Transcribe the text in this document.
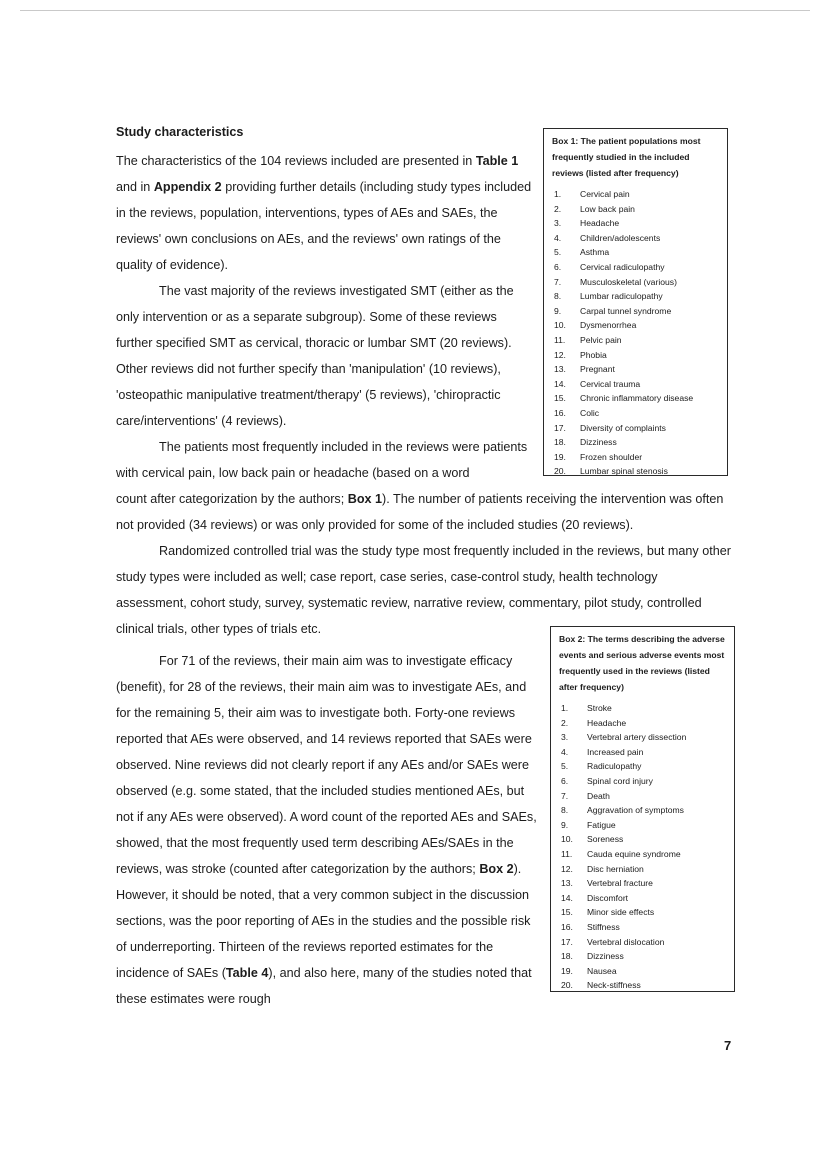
Study characteristics

The characteristics of the 104 reviews included are presented in Table 1 and in Appendix 2 providing further details (including study types included in the reviews, population, interventions, types of AEs and SAEs, the reviews' own conclusions on AEs, and the reviews' own ratings of the quality of evidence).

The vast majority of the reviews investigated SMT (either as the only intervention or as a separate subgroup). Some of these reviews further specified SMT as cervical, thoracic or lumbar SMT (20 reviews). Other reviews did not further specify than 'manipulation' (10 reviews), 'osteopathic manipulative treatment/therapy' (5 reviews), 'chiropractic care/interventions' (4 reviews).

The patients most frequently included in the reviews were patients with cervical pain, low back pain or headache (based on a word

count after categorization by the authors; Box 1). The number of patients receiving the intervention was often not provided (34 reviews) or was only provided for some of the included studies (20 reviews).

Randomized controlled trial was the study type most frequently included in the reviews, but many other study types were included as well; case report, case series, case-control study, health technology assessment, cohort study, survey, systematic review, narrative review, commentary, pilot study, controlled clinical trials, other types of trials etc.

For 71 of the reviews, their main aim was to investigate efficacy (benefit), for 28 of the reviews, their main aim was to investigate AEs, and for the remaining 5, their aim was to investigate both. Forty-one reviews reported that AEs were observed, and 14 reviews reported that SAEs were observed. Nine reviews did not clearly report if any AEs and/or SAEs were observed (e.g. some stated, that the included studies mentioned AEs, but not if any AEs were observed). A word count of the reported AEs and SAEs, showed, that the most frequently used term describing AEs/SAEs in the reviews, was stroke (counted after categorization by the authors; Box 2). However, it should be noted, that a very common subject in the discussion sections, was the poor reporting of AEs in the studies and the possible risk of underreporting. Thirteen of the reviews reported estimates for the incidence of SAEs (Table 4), and also here, many of the studies noted that these estimates were rough

Box 1: The patient populations most frequently studied in the included reviews (listed after frequency)
1.	Cervical pain
2.	Low back pain
3.	Headache
4.	Children/adolescents
5.	Asthma
6.	Cervical radiculopathy
7.	Musculoskeletal (various)
8.	Lumbar radiculopathy
9.	Carpal tunnel syndrome
10.	Dysmenorrhea
11.	Pelvic pain
12.	Phobia
13.	Pregnant
14.	Cervical trauma
15.	Chronic inflammatory disease
16.	Colic
17.	Diversity of complaints
18.	Dizziness
19.	Frozen shoulder
20.	Lumbar spinal stenosis
Box 2: The terms describing the adverse events and serious adverse events most frequently used in the reviews (listed after frequency)
1.	Stroke
2.	Headache
3.	Vertebral artery dissection
4.	Increased pain
5.	Radiculopathy
6.	Spinal cord injury
7.	Death
8.	Aggravation of symptoms
9.	Fatigue
10.	Soreness
11.	Cauda equine syndrome
12.	Disc herniation
13.	Vertebral fracture
14.	Discomfort
15.	Minor side effects
16.	Stiffness
17.	Vertebral dislocation
18.	Dizziness
19.	Nausea
20.	Neck-stiffness
7
